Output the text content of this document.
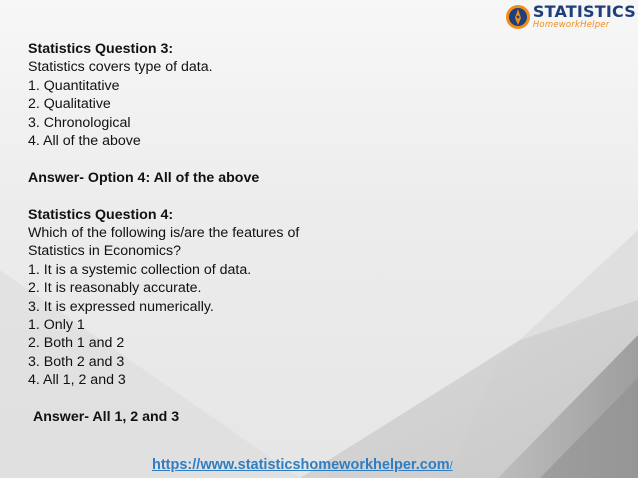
STATISTICS
HomeworkHelper
Statistics Question 3:
Statistics covers type of data.
1. Quantitative
2. Qualitative
3. Chronological
4. All of the above
Answer- Option 4: All of the above
Statistics Question 4:
Which of the following is/are the features of
Statistics in Economics?
1. It is a systemic collection of data.
2. It is reasonably accurate.
3. It is expressed numerically.
1. Only 1
2. Both 1 and 2
3. Both 2 and 3
4. All 1, 2 and 3
Answer- All 1, 2 and 3
https://www.statisticshomeworkhelper.com/
